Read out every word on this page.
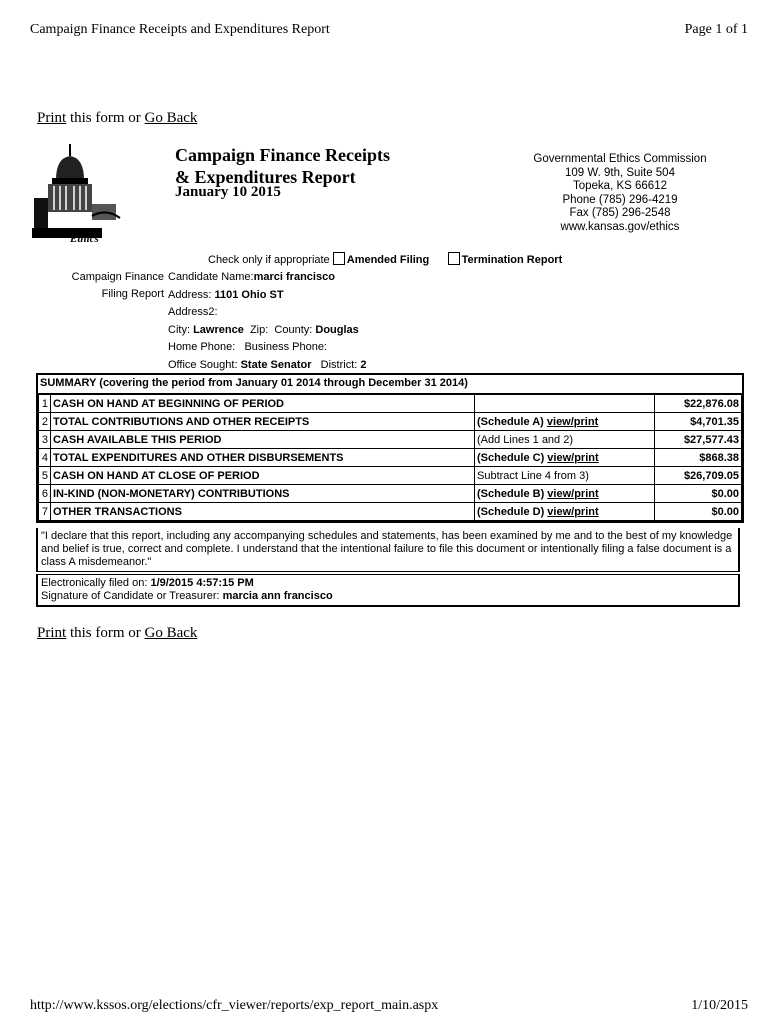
Campaign Finance Receipts and Expenditures Report	Page 1 of 1
Print this form or Go Back
Ethics
Campaign Finance Receipts
& Expenditures Report
January 10 2015
Governmental Ethics Commission
109 W. 9th, Suite 504
Topeka, KS 66612
Phone (785) 296-4219
Fax (785) 296-2548
www.kansas.gov/ethics
Check only if appropriate Amended Filing	Termination Report
Campaign Finance
Filing Report
Candidate Name:marci francisco
Address: 1101 Ohio ST
Address2:
City: Lawrence Zip: County: Douglas
Home Phone: Business Phone:
Office Sought: State Senator District: 2
SUMMARY (covering the period from January 01 2014 through December 31 2014)
1	CASH ON HAND AT BEGINNING OF PERIOD		$22,876.08
2	TOTAL CONTRIBUTIONS AND OTHER RECEIPTS	(Schedule A) view/print	$4,701.35
3	CASH AVAILABLE THIS PERIOD	(Add Lines 1 and 2)	$27,577.43
4	TOTAL EXPENDITURES AND OTHER DISBURSEMENTS	(Schedule C) view/print	$868.38
5	CASH ON HAND AT CLOSE OF PERIOD	Subtract Line 4 from 3)	$26,709.05
6	IN-KIND (NON-MONETARY) CONTRIBUTIONS	(Schedule B) view/print	$0.00
7	OTHER TRANSACTIONS	(Schedule D) view/print	$0.00
"I declare that this report, including any accompanying schedules and statements, has been examined by me and to the best of my knowledge and belief is true, correct and complete. I understand that the intentional failure to file this document or intentionally filing a false document is a class A misdemeanor."
Electronically filed on: 1/9/2015 4:57:15 PM
Signature of Candidate or Treasurer: marcia ann francisco
Print this form or Go Back
http://www.kssos.org/elections/cfr_viewer/reports/exp_report_main.aspx	1/10/2015
